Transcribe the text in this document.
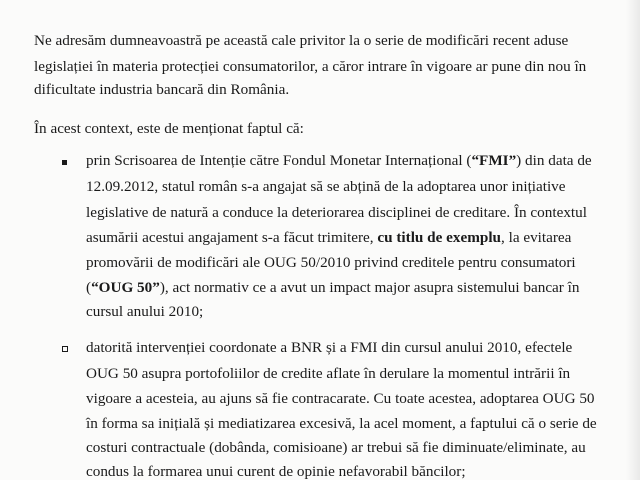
Ne adresăm dumneavoastră pe această cale privitor la o serie de modificări recent aduse
legislației în materia protecției consumatorilor, a căror intrare în vigoare ar pune din nou în
dificultate industria bancară din România.
În acest context, este de menționat faptul că:
prin Scrisoarea de Intenție către Fondul Monetar Internațional (“FMI”) din data de
12.09.2012, statul român s-a angajat să se abțină de la adoptarea unor inițiative
legislative de natură a conduce la deteriorarea disciplinei de creditare. În contextul
asumării acestui angajament s-a făcut trimitere, cu titlu de exemplu, la evitarea
promovării de modificări ale OUG 50/2010 privind creditele pentru consumatori
(“OUG 50”), act normativ ce a avut un impact major asupra sistemului bancar în
cursul anului 2010;
datorită intervenției coordonate a BNR și a FMI din cursul anului 2010, efectele
OUG 50 asupra portofoliilor de credite aflate în derulare la momentul intrării în
vigoare a acesteia, au ajuns să fie contracarate. Cu toate acestea, adoptarea OUG 50
în forma sa inițială și mediatizarea excesivă, la acel moment, a faptului că o serie de
costuri contractuale (dobânda, comisioane) ar trebui să fie diminuate/eliminate, au
condus la formarea unui curent de opinie nefavorabil băncilor;
